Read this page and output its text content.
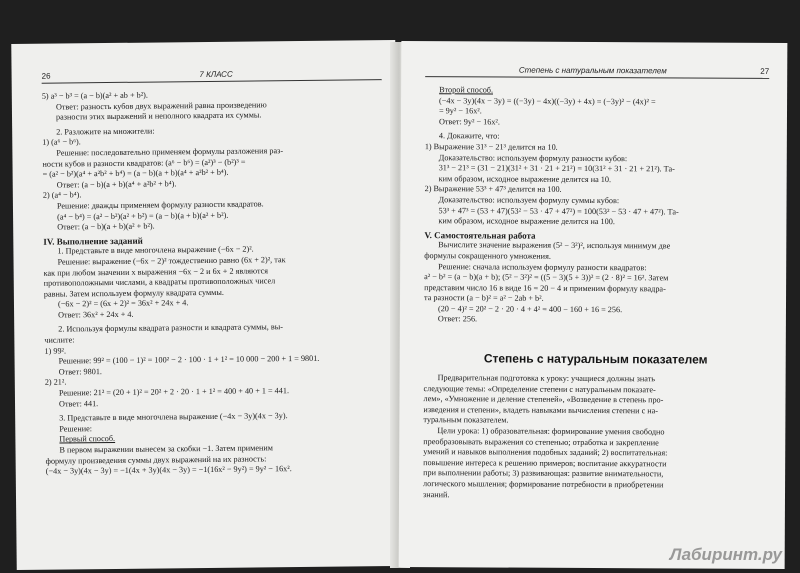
26	7 КЛАСС
5) a³ − b³ = (a − b)(a² + ab + b²).
Ответ: разность кубов двух выражений равна произведению
разности этих выражений и неполного квадрата их суммы.
2. Разложите на множители:
1) (a⁶ − b⁶).
Решение: последовательно применяем формулы разложения раз-
ности кубов и разности квадратов: (a⁶ − b⁶) = (a²)³ − (b²)³ =
= (a² − b²)(a⁴ + a²b² + b⁴) = (a − b)(a + b)(a⁴ + a²b² + b⁴).
Ответ: (a − b)(a + b)(a⁴ + a²b² + b⁴).
2) (a⁴ − b⁴).
Решение: дважды применяем формулу разности квадратов.
(a⁴ − b⁴) = (a² − b²)(a² + b²) = (a − b)(a + b)(a² + b²).
Ответ: (a − b)(a + b)(a² + b²).
IV. Выполнение заданий
1. Представьте в виде многочлена выражение (−6x − 2)².
Решение: выражение (−6x − 2)² тождественно равно (6x + 2)², так
как при любом значении x выражения −6x − 2 и 6x + 2 являются
противоположными числами, а квадраты противоположных чисел
равны. Затем используем формулу квадрата суммы.
(−6x − 2)² = (6x + 2)² = 36x² + 24x + 4.
Ответ: 36x² + 24x + 4.
2. Используя формулы квадрата разности и квадрата суммы, вы-
числите:
1) 99².
Решение: 99² = (100 − 1)² = 100² − 2 · 100 · 1 + 1² = 10 000 − 200 + 1 = 9801.
Ответ: 9801.
2) 21².
Решение: 21² = (20 + 1)² = 20² + 2 · 20 · 1 + 1² = 400 + 40 + 1 = 441.
Ответ: 441.
3. Представьте в виде многочлена выражение (−4x − 3y)(4x − 3y).
Решение:
Первый способ.
В первом выражении вынесем за скобки −1. Затем применим
формулу произведения суммы двух выражений на их разность:
(−4x − 3y)(4x − 3y) = −1(4x + 3y)(4x − 3y) = −1(16x² − 9y²) = 9y² − 16x².
Степень с натуральным показателем	27
Второй способ.
(−4x − 3y)(4x − 3y) = ((−3y) − 4x)((−3y) + 4x) = (−3y)² − (4x)² =
= 9y² − 16x².
Ответ: 9y² − 16x².
4. Докажите, что:
1) Выражение 31³ − 21³ делится на 10.
Доказательство: используем формулу разности кубов:
31³ − 21³ = (31 − 21)(31² + 31 · 21 + 21²) = 10(31² + 31 · 21 + 21²). Та-
ким образом, исходное выражение делится на 10.
2) Выражение 53³ + 47³ делится на 100.
Доказательство: используем формулу суммы кубов:
53³ + 47³ = (53 + 47)(53² − 53 · 47 + 47²) = 100(53² − 53 · 47 + 47²). Та-
ким образом, исходное выражение делится на 100.
V. Самостоятельная работа
Вычислите значение выражения (5² − 3²)², используя минимум две
формулы сокращенного умножения.
Решение: сначала используем формулу разности квадратов:
a² − b² = (a − b)(a + b); (5² − 3²)² = ((5 − 3)(5 + 3))² = (2 · 8)² = 16². Затем
представим число 16 в виде 16 = 20 − 4 и применим формулу квадра-
та разности (a − b)² = a² − 2ab + b².
(20 − 4)² = 20² − 2 · 20 · 4 + 4² = 400 − 160 + 16 = 256.
Ответ: 256.
Степень с натуральным показателем
Предварительная подготовка к уроку: учащиеся должны знать
следующие темы: «Определение степени с натуральным показате-
лем», «Умножение и деление степеней», «Возведение в степень про-
изведения и степени», владеть навыками вычисления степени с на-
туральным показателем.
Цели урока: 1) образовательная: формирование умения свободно
преобразовывать выражения со степенью; отработка и закрепление
умений и навыков выполнения подобных заданий; 2) воспитательная:
повышение интереса к решению примеров; воспитание аккуратности
при выполнении работы; 3) развивающая: развитие внимательности,
логического мышления; формирование потребности в приобретении
знаний.
Лабиринт.ру
